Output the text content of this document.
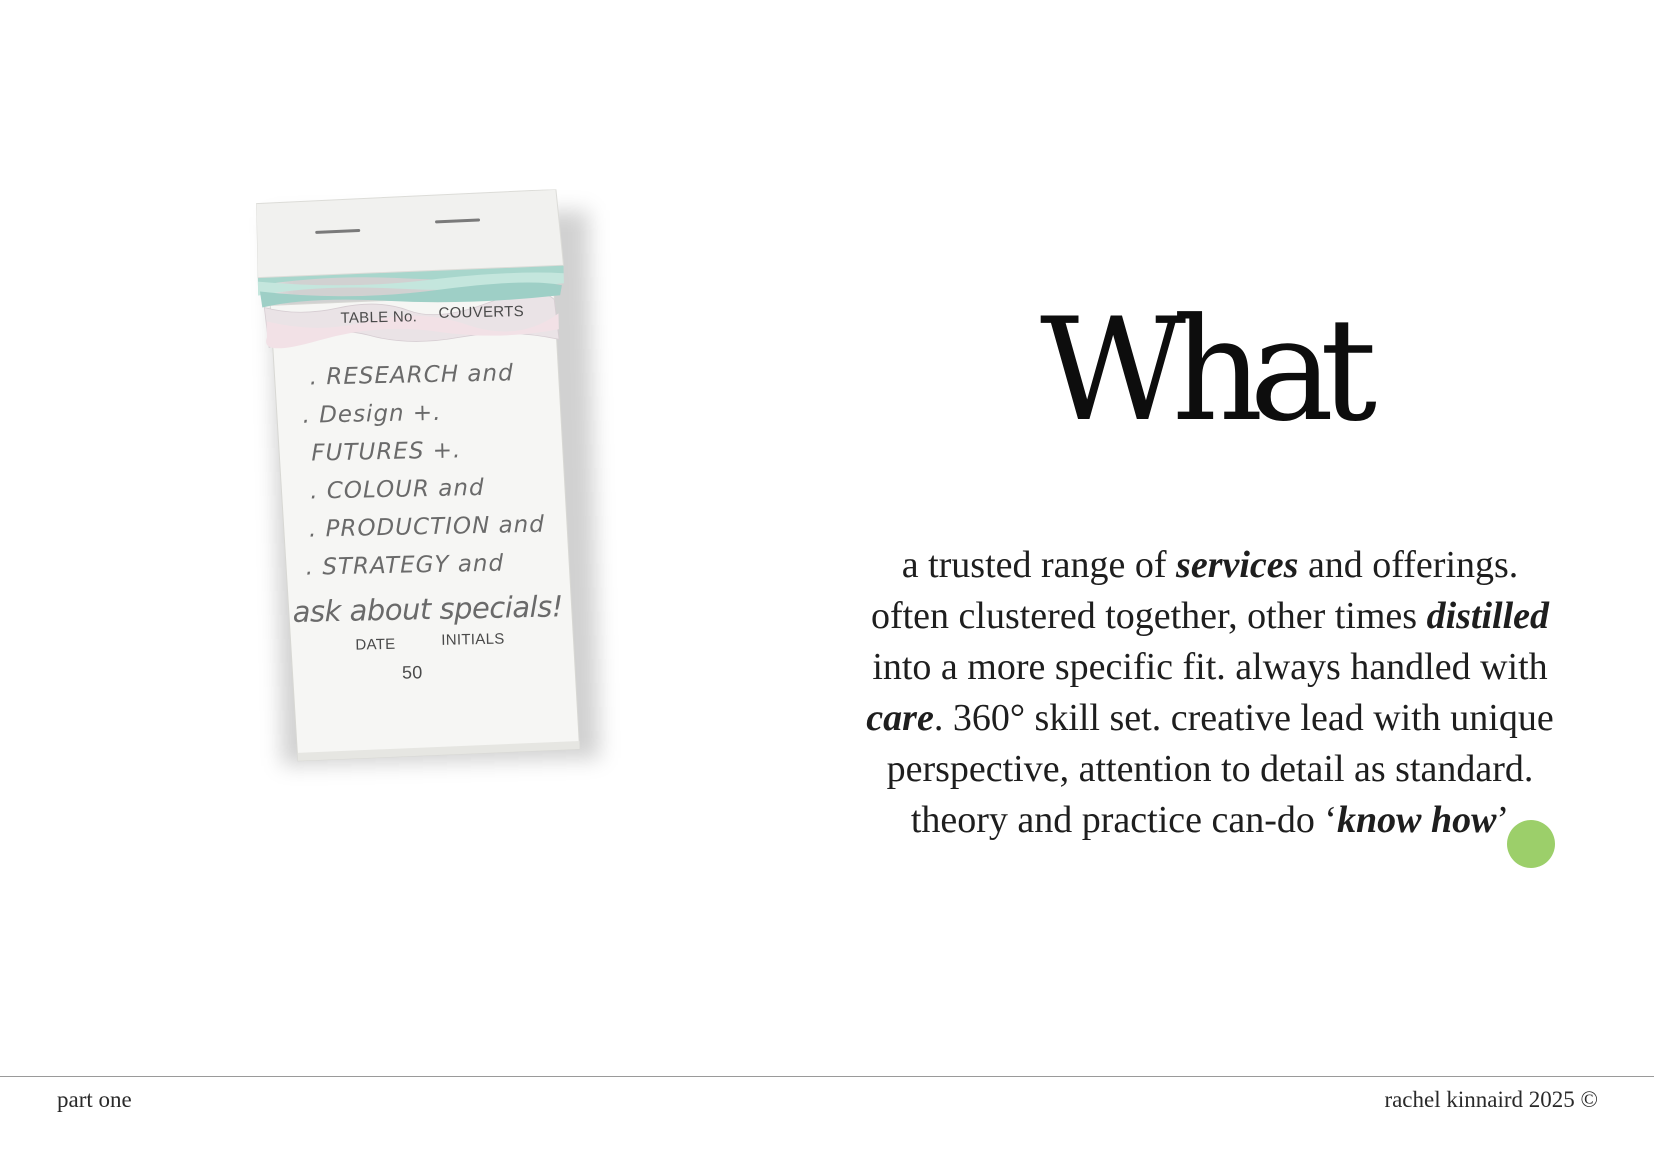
TABLE No. COUVERTS
. RESEARCH and
. Design +.
FUTURES +.
. COLOUR and
. PRODUCTION and
. STRATEGY and
ask about specials!
DATE	INITIALS
50
What
a trusted range of services and offerings.
often clustered together, other times distilled
into a more specific fit. always handled with
care. 360° skill set. creative lead with unique
perspective, attention to detail as standard.
theory and practice can-do ‘know how’
part one	rachel kinnaird 2025 ©
